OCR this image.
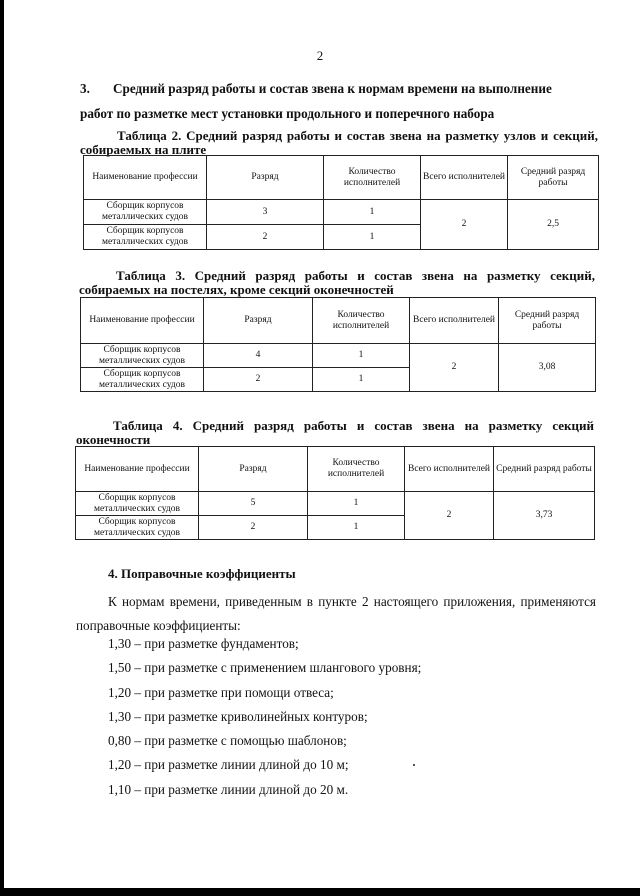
2
3. Средний разряд работы и состав звена к нормам времени на выполнение
работ по разметке мест установки продольного и поперечного набора
Таблица 2. Средний разряд работы и состав звена на разметку узлов и секций,
собираемых на плите
Наименование профессии	Разряд	Количество исполнителей	Всего исполнителей	Средний разряд работы
Сборщик корпусов металлических судов	3	1	2	2,5
Сборщик корпусов металлических судов	2	1		
Таблица 3. Средний разряд работы и состав звена на разметку секций,
собираемых на постелях, кроме секций оконечностей
Наименование профессии	Разряд	Количество исполнителей	Всего исполнителей	Средний разряд работы
Сборщик корпусов металлических судов	4	1	2	3,08
Сборщик корпусов металлических судов	2	1		
Таблица 4. Средний разряд работы и состав звена на разметку секций
оконечности
Наименование профессии	Разряд	Количество исполнителей	Всего исполнителей	Средний разряд работы
Сборщик корпусов металлических судов	5	1	2	3,73
Сборщик корпусов металлических судов	2	1		
4. Поправочные коэффициенты
К нормам времени, приведенным в пункте 2 настоящего приложения, применяются поправочные коэффициенты:
1,30 – при разметке фундаментов;
1,50 – при разметке с применением шлангового уровня;
1,20 – при разметке при помощи отвеса;
1,30 – при разметке криволинейных контуров;
0,80 – при разметке с помощью шаблонов;
1,20 – при разметке линии длиной до 10 м;
1,10 – при разметке линии длиной до 20 м.
